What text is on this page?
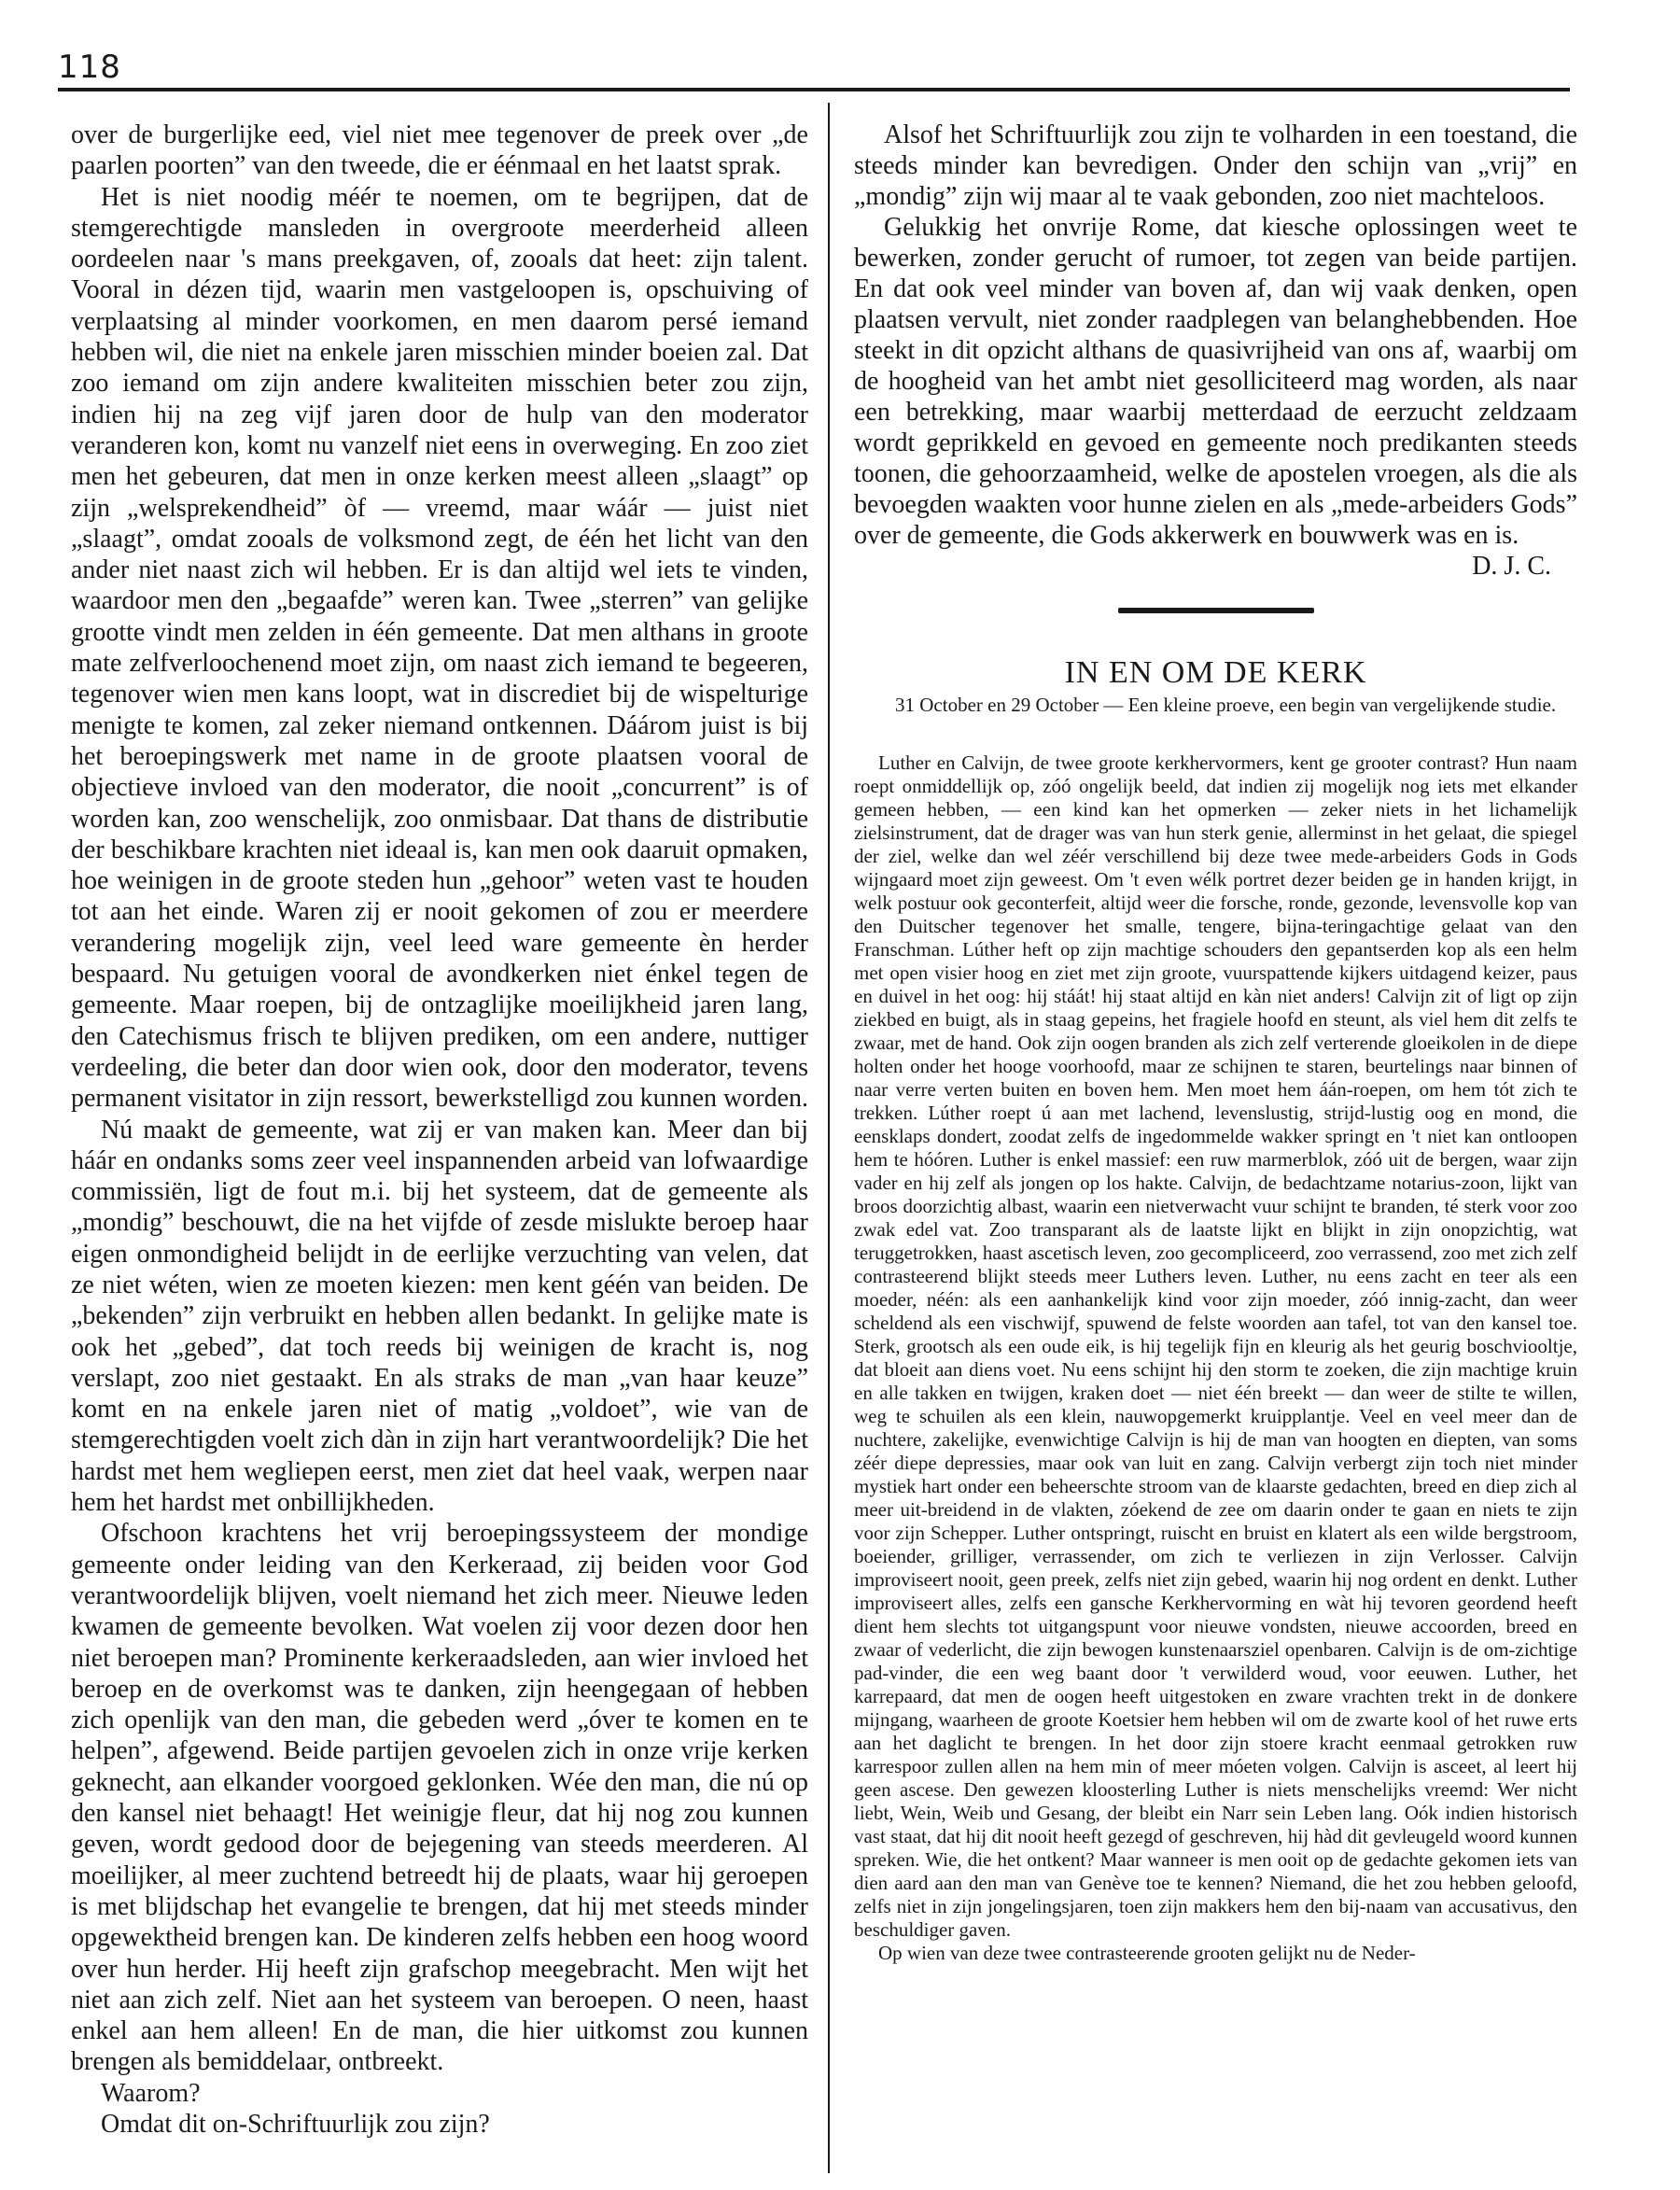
118

over de burgerlijke eed, viel niet mee tegenover de preek over „de paarlen poorten” van den tweede, die er éénmaal en het laatst sprak.

Het is niet noodig méér te noemen, om te begrijpen, dat de stemgerechtigde mansleden in overgroote meerderheid alleen oordeelen naar 's mans preekgaven, of, zooals dat heet: zijn talent. Vooral in dézen tijd, waarin men vastgeloopen is, opschuiving of verplaatsing al minder voorkomen, en men daarom persé iemand hebben wil, die niet na enkele jaren misschien minder boeien zal. Dat zoo iemand om zijn andere kwaliteiten misschien beter zou zijn, indien hij na zeg vijf jaren door de hulp van den moderator veranderen kon, komt nu vanzelf niet eens in overweging. En zoo ziet men het gebeuren, dat men in onze kerken meest alleen „slaagt” op zijn „welsprekendheid” òf — vreemd, maar wáár — juist niet „slaagt”, omdat zooals de volksmond zegt, de één het licht van den ander niet naast zich wil hebben. Er is dan altijd wel iets te vinden, waardoor men den „begaafde” weren kan. Twee „sterren” van gelijke grootte vindt men zelden in één gemeente. Dat men althans in groote mate zelfverloochenend moet zijn, om naast zich iemand te begeeren, tegenover wien men kans loopt, wat in discrediet bij de wispelturige menigte te komen, zal zeker niemand ontkennen. Dáárom juist is bij het beroepingswerk met name in de groote plaatsen vooral de objectieve invloed van den moderator, die nooit „concurrent” is of worden kan, zoo wenschelijk, zoo onmisbaar. Dat thans de distributie der beschikbare krachten niet ideaal is, kan men ook daaruit opmaken, hoe weinigen in de groote steden hun „gehoor” weten vast te houden tot aan het einde. Waren zij er nooit gekomen of zou er meerdere verandering mogelijk zijn, veel leed ware gemeente èn herder bespaard. Nu getuigen vooral de avondkerken niet énkel tegen de gemeente. Maar roepen, bij de ontzaglijke moeilijkheid jaren lang, den Catechismus frisch te blijven prediken, om een andere, nuttiger verdeeling, die beter dan door wien ook, door den moderator, tevens permanent visitator in zijn ressort, bewerkstelligd zou kunnen worden.

Nú maakt de gemeente, wat zij er van maken kan. Meer dan bij háár en ondanks soms zeer veel inspannenden arbeid van lofwaardige commissiën, ligt de fout m.i. bij het systeem, dat de gemeente als „mondig” beschouwt, die na het vijfde of zesde mislukte beroep haar eigen onmondigheid belijdt in de eerlijke verzuchting van velen, dat ze niet wéten, wien ze moeten kiezen: men kent géén van beiden. De „bekenden” zijn verbruikt en hebben allen bedankt. In gelijke mate is ook het „gebed”, dat toch reeds bij weinigen de kracht is, nog verslapt, zoo niet gestaakt. En als straks de man „van haar keuze” komt en na enkele jaren niet of matig „voldoet”, wie van de stemgerechtigden voelt zich dàn in zijn hart verantwoordelijk? Die het hardst met hem wegliepen eerst, men ziet dat heel vaak, werpen naar hem het hardst met onbillijkheden.

Ofschoon krachtens het vrij beroepingssysteem der mondige gemeente onder leiding van den Kerkeraad, zij beiden voor God verantwoordelijk blijven, voelt niemand het zich meer. Nieuwe leden kwamen de gemeente bevolken. Wat voelen zij voor dezen door hen niet beroepen man? Prominente kerkeraadsleden, aan wier invloed het beroep en de overkomst was te danken, zijn heengegaan of hebben zich openlijk van den man, die gebeden werd „óver te komen en te helpen”, afgewend. Beide partijen gevoelen zich in onze vrije kerken geknecht, aan elkander voorgoed geklonken. Wée den man, die nú op den kansel niet behaagt! Het weinigje fleur, dat hij nog zou kunnen geven, wordt gedood door de bejegening van steeds meerderen. Al moeilijker, al meer zuchtend betreedt hij de plaats, waar hij geroepen is met blijdschap het evangelie te brengen, dat hij met steeds minder opgewektheid brengen kan. De kinderen zelfs hebben een hoog woord over hun herder. Hij heeft zijn grafschop meegebracht. Men wijt het niet aan zich zelf. Niet aan het systeem van beroepen. O neen, haast enkel aan hem alleen! En de man, die hier uitkomst zou kunnen brengen als bemiddelaar, ontbreekt.

Waarom?

Omdat dit on-Schriftuurlijk zou zijn?

Alsof het Schriftuurlijk zou zijn te volharden in een toestand, die steeds minder kan bevredigen. Onder den schijn van „vrij” en „mondig” zijn wij maar al te vaak gebonden, zoo niet machteloos.

Gelukkig het onvrije Rome, dat kiesche oplossingen weet te bewerken, zonder gerucht of rumoer, tot zegen van beide partijen. En dat ook veel minder van boven af, dan wij vaak denken, open plaatsen vervult, niet zonder raadplegen van belanghebbenden. Hoe steekt in dit opzicht althans de quasivrijheid van ons af, waarbij om de hoogheid van het ambt niet gesolliciteerd mag worden, als naar een betrekking, maar waarbij metterdaad de eerzucht zeldzaam wordt geprikkeld en gevoed en gemeente noch predikanten steeds toonen, die gehoorzaamheid, welke de apostelen vroegen, als die als bevoegden waakten voor hunne zielen en als „mede-arbeiders Gods” over de gemeente, die Gods akkerwerk en bouwwerk was en is.

D. J. C.
IN EN OM DE KERK

31 October en 29 October — Een kleine proeve, een begin van vergelijkende studie.

Luther en Calvijn, de twee groote kerkhervormers, kent ge grooter contrast? Hun naam roept onmiddellijk op, zóó ongelijk beeld, dat indien zij mogelijk nog iets met elkander gemeen hebben, — een kind kan het opmerken — zeker niets in het lichamelijk zielsinstrument, dat de drager was van hun sterk genie, allerminst in het gelaat, die spiegel der ziel, welke dan wel zéér verschillend bij deze twee mede-arbeiders Gods in Gods wijngaard moet zijn geweest. Om 't even wélk portret dezer beiden ge in handen krijgt, in welk postuur ook geconterfeit, altijd weer die forsche, ronde, gezonde, levensvolle kop van den Duitscher tegenover het smalle, tengere, bijna-teringachtige gelaat van den Franschman. Lúther heft op zijn machtige schouders den gepantserden kop als een helm met open visier hoog en ziet met zijn groote, vuurspattende kijkers uitdagend keizer, paus en duivel in het oog: hij stáát! hij staat altijd en kàn niet anders! Calvijn zit of ligt op zijn ziekbed en buigt, als in staag gepeins, het fragiele hoofd en steunt, als viel hem dit zelfs te zwaar, met de hand. Ook zijn oogen branden als zich zelf verterende gloeikolen in de diepe holten onder het hooge voorhoofd, maar ze schijnen te staren, beurtelings naar binnen of naar verre verten buiten en boven hem. Men moet hem áán-roepen, om hem tót zich te trekken. Lúther roept ú aan met lachend, levenslustig, strijd-lustig oog en mond, die eensklaps dondert, zoodat zelfs de ingedommelde wakker springt en 't niet kan ontloopen hem te hóóren. Luther is enkel massief: een ruw marmerblok, zóó uit de bergen, waar zijn vader en hij zelf als jongen op los hakte. Calvijn, de bedachtzame notarius-zoon, lijkt van broos doorzichtig albast, waarin een nietverwacht vuur schijnt te branden, té sterk voor zoo zwak edel vat. Zoo transparant als de laatste lijkt en blijkt in zijn onopzichtig, wat teruggetrokken, haast ascetisch leven, zoo gecompliceerd, zoo verrassend, zoo met zich zelf contrasteerend blijkt steeds meer Luthers leven. Luther, nu eens zacht en teer als een moeder, néén: als een aanhankelijk kind voor zijn moeder, zóó innig-zacht, dan weer scheldend als een vischwijf, spuwend de felste woorden aan tafel, tot van den kansel toe. Sterk, grootsch als een oude eik, is hij tegelijk fijn en kleurig als het geurig boschviooltje, dat bloeit aan diens voet. Nu eens schijnt hij den storm te zoeken, die zijn machtige kruin en alle takken en twijgen, kraken doet — niet één breekt — dan weer de stilte te willen, weg te schuilen als een klein, nauwopgemerkt kruipplantje. Veel en veel meer dan de nuchtere, zakelijke, evenwichtige Calvijn is hij de man van hoogten en diepten, van soms zéér diepe depressies, maar ook van luit en zang. Calvijn verbergt zijn toch niet minder mystiek hart onder een beheerschte stroom van de klaarste gedachten, breed en diep zich al meer uit-breidend in de vlakten, zóekend de zee om daarin onder te gaan en niets te zijn voor zijn Schepper. Luther ontspringt, ruischt en bruist en klatert als een wilde bergstroom, boeiender, grilliger, verrassender, om zich te verliezen in zijn Verlosser. Calvijn improviseert nooit, geen preek, zelfs niet zijn gebed, waarin hij nog ordent en denkt. Luther improviseert alles, zelfs een gansche Kerkhervorming en wàt hij tevoren geordend heeft dient hem slechts tot uitgangspunt voor nieuwe vondsten, nieuwe accoorden, breed en zwaar of vederlicht, die zijn bewogen kunstenaarsziel openbaren. Calvijn is de om-zichtige pad-vinder, die een weg baant door 't verwilderd woud, voor eeuwen. Luther, het karrepaard, dat men de oogen heeft uitgestoken en zware vrachten trekt in de donkere mijngang, waarheen de groote Koetsier hem hebben wil om de zwarte kool of het ruwe erts aan het daglicht te brengen. In het door zijn stoere kracht eenmaal getrokken ruw karrespoor zullen allen na hem min of meer móeten volgen. Calvijn is asceet, al leert hij geen ascese. Den gewezen kloosterling Luther is niets menschelijks vreemd: Wer nicht liebt, Wein, Weib und Gesang, der bleibt ein Narr sein Leben lang. Oók indien historisch vast staat, dat hij dit nooit heeft gezegd of geschreven, hij hàd dit gevleugeld woord kunnen spreken. Wie, die het ontkent? Maar wanneer is men ooit op de gedachte gekomen iets van dien aard aan den man van Genève toe te kennen? Niemand, die het zou hebben geloofd, zelfs niet in zijn jongelingsjaren, toen zijn makkers hem den bij-naam van accusativus, den beschuldiger gaven.

Op wien van deze twee contrasteerende grooten gelijkt nu de Neder-
